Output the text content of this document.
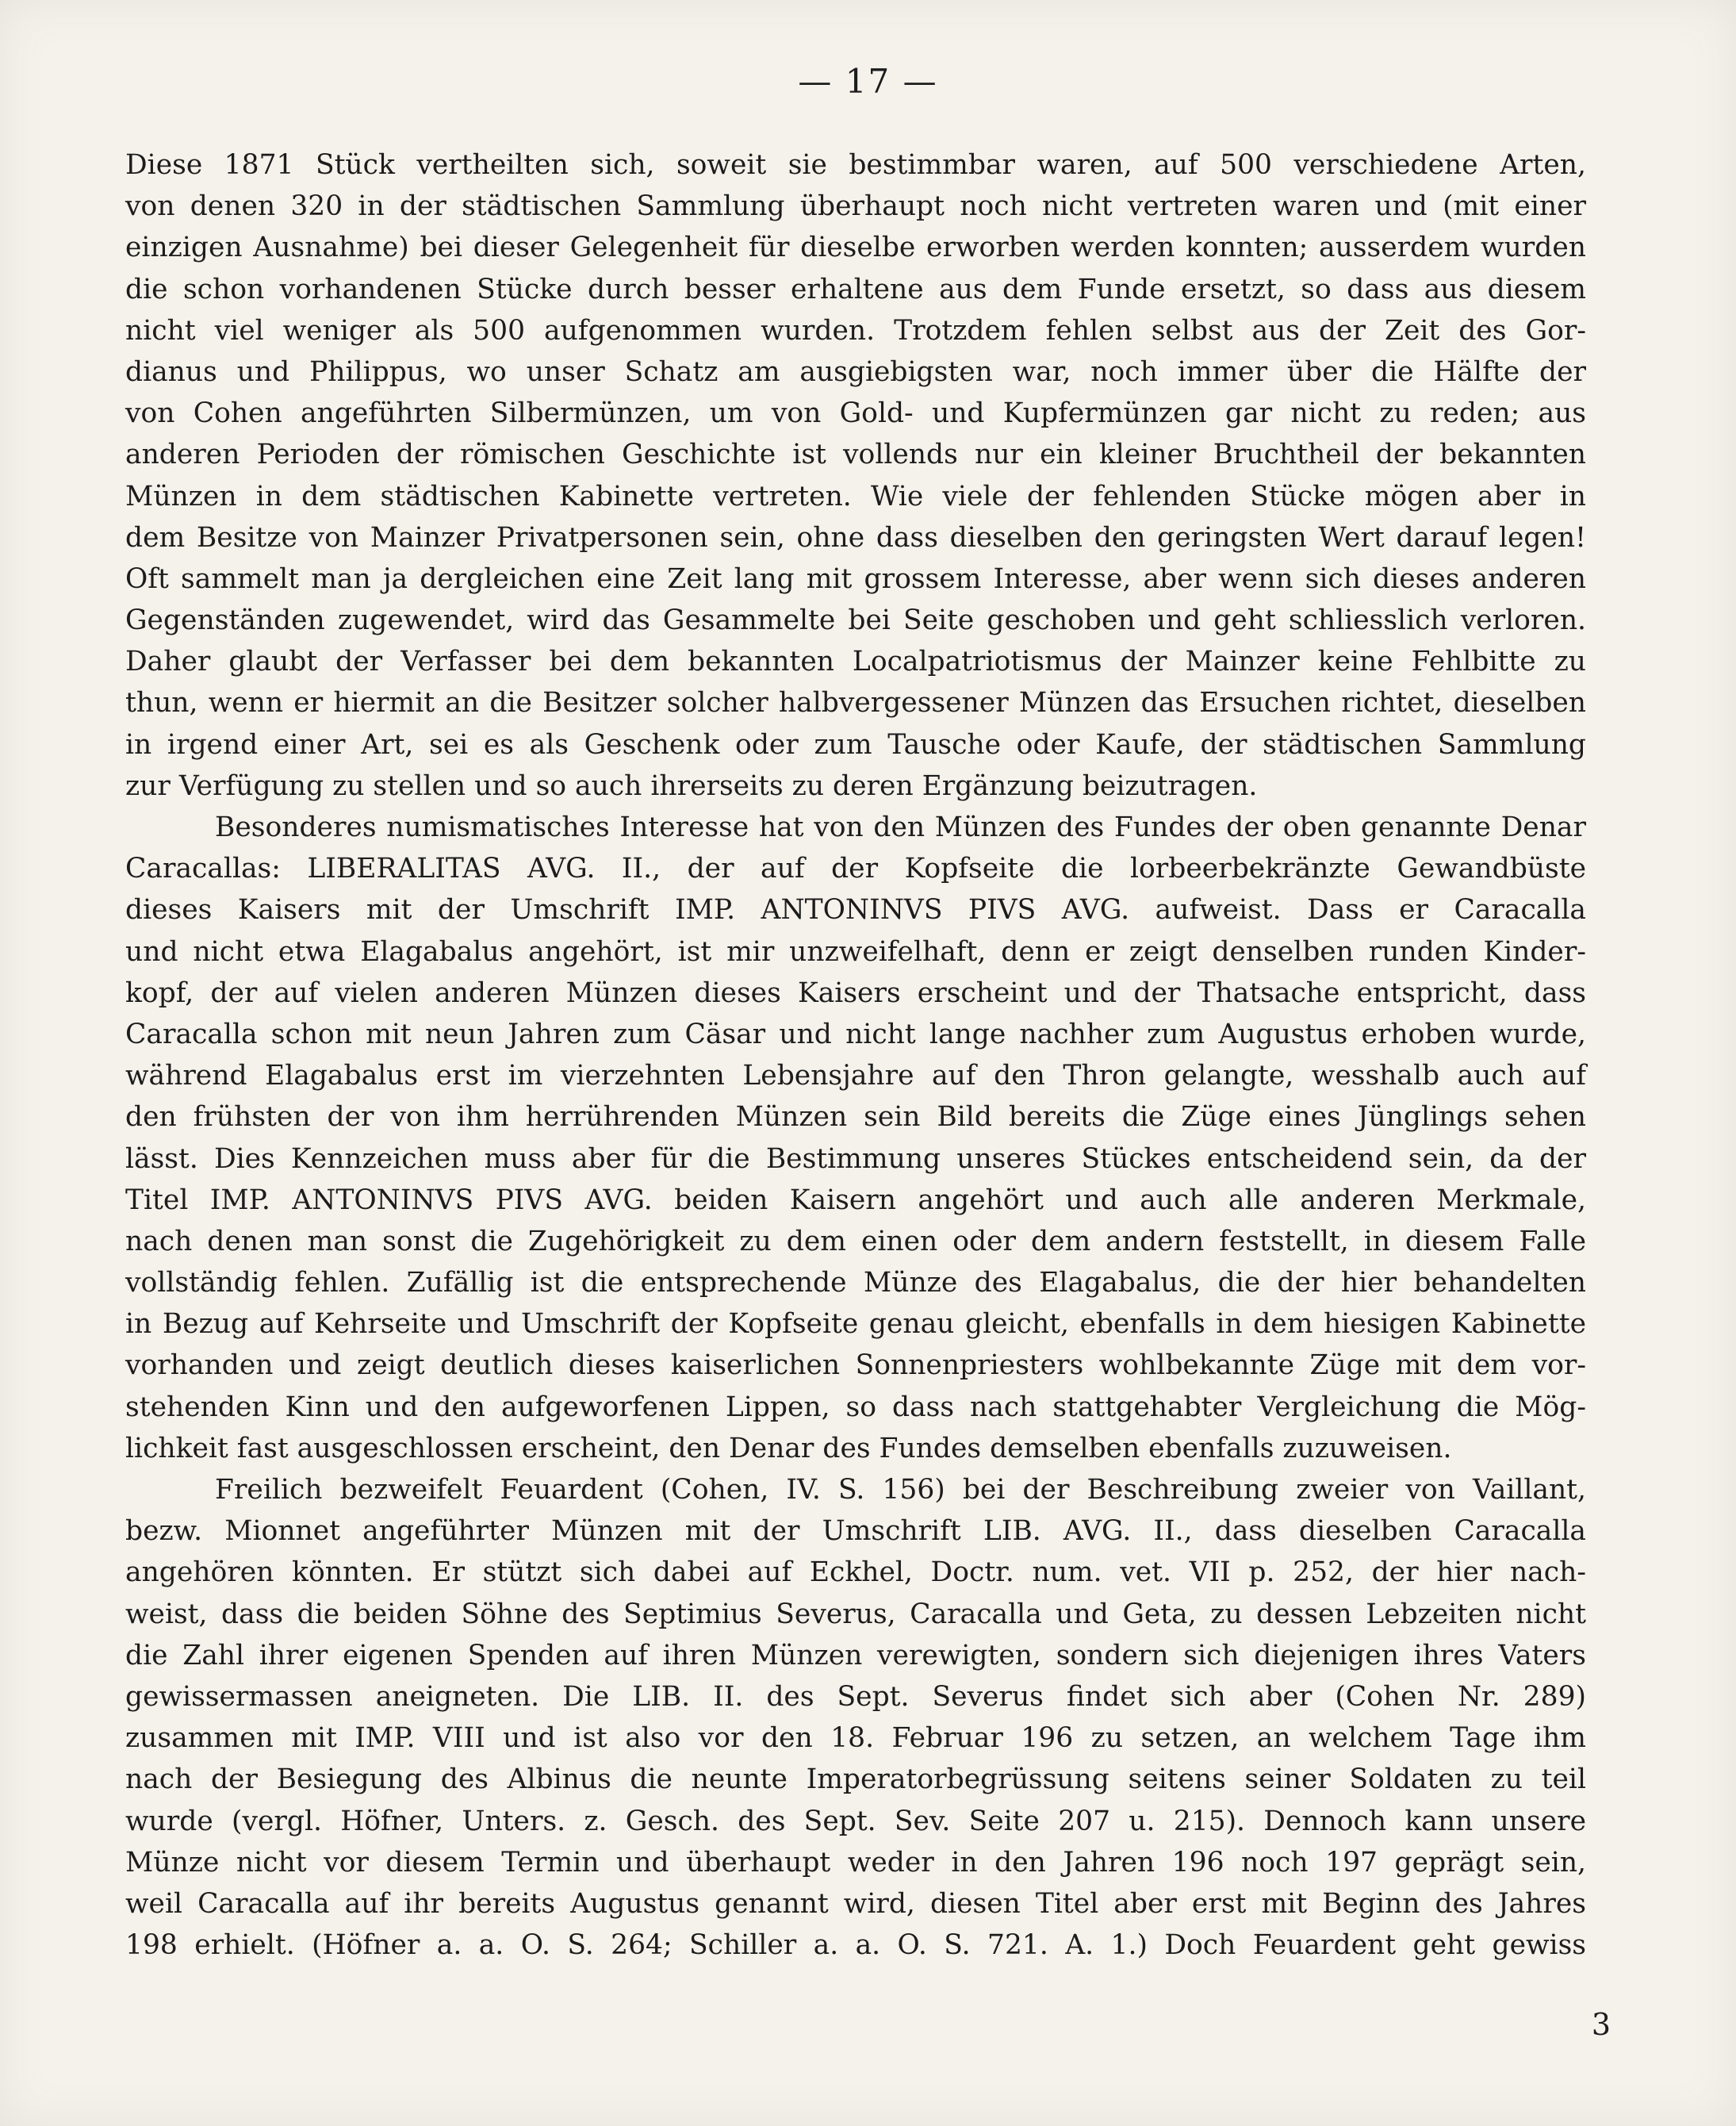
— 17 —

Diese 1871 Stück vertheilten sich, soweit sie bestimmbar waren, auf 500 verschiedene Arten,
von denen 320 in der städtischen Sammlung überhaupt noch nicht vertreten waren und (mit einer
einzigen Ausnahme) bei dieser Gelegenheit für dieselbe erworben werden konnten; ausserdem wurden
die schon vorhandenen Stücke durch besser erhaltene aus dem Funde ersetzt, so dass aus diesem
nicht viel weniger als 500 aufgenommen wurden. Trotzdem fehlen selbst aus der Zeit des Gor-
dianus und Philippus, wo unser Schatz am ausgiebigsten war, noch immer über die Hälfte der
von Cohen angeführten Silbermünzen, um von Gold- und Kupfermünzen gar nicht zu reden; aus
anderen Perioden der römischen Geschichte ist vollends nur ein kleiner Bruchtheil der bekannten
Münzen in dem städtischen Kabinette vertreten. Wie viele der fehlenden Stücke mögen aber in
dem Besitze von Mainzer Privatpersonen sein, ohne dass dieselben den geringsten Wert darauf legen!
Oft sammelt man ja dergleichen eine Zeit lang mit grossem Interesse, aber wenn sich dieses anderen
Gegenständen zugewendet, wird das Gesammelte bei Seite geschoben und geht schliesslich verloren.
Daher glaubt der Verfasser bei dem bekannten Localpatriotismus der Mainzer keine Fehlbitte zu
thun, wenn er hiermit an die Besitzer solcher halbvergessener Münzen das Ersuchen richtet, dieselben
in irgend einer Art, sei es als Geschenk oder zum Tausche oder Kaufe, der städtischen Sammlung
zur Verfügung zu stellen und so auch ihrerseits zu deren Ergänzung beizutragen.

Besonderes numismatisches Interesse hat von den Münzen des Fundes der oben genannte Denar
Caracallas: LIBERALITAS AVG. II., der auf der Kopfseite die lorbeerbekränzte Gewandbüste
dieses Kaisers mit der Umschrift IMP. ANTONINVS PIVS AVG. aufweist. Dass er Caracalla
und nicht etwa Elagabalus angehört, ist mir unzweifelhaft, denn er zeigt denselben runden Kinder-
kopf, der auf vielen anderen Münzen dieses Kaisers erscheint und der Thatsache entspricht, dass
Caracalla schon mit neun Jahren zum Cäsar und nicht lange nachher zum Augustus erhoben wurde,
während Elagabalus erst im vierzehnten Lebensjahre auf den Thron gelangte, wesshalb auch auf
den frühsten der von ihm herrührenden Münzen sein Bild bereits die Züge eines Jünglings sehen
lässt. Dies Kennzeichen muss aber für die Bestimmung unseres Stückes entscheidend sein, da der
Titel IMP. ANTONINVS PIVS AVG. beiden Kaisern angehört und auch alle anderen Merkmale,
nach denen man sonst die Zugehörigkeit zu dem einen oder dem andern feststellt, in diesem Falle
vollständig fehlen. Zufällig ist die entsprechende Münze des Elagabalus, die der hier behandelten
in Bezug auf Kehrseite und Umschrift der Kopfseite genau gleicht, ebenfalls in dem hiesigen Kabinette
vorhanden und zeigt deutlich dieses kaiserlichen Sonnenpriesters wohlbekannte Züge mit dem vor-
stehenden Kinn und den aufgeworfenen Lippen, so dass nach stattgehabter Vergleichung die Mög-
lichkeit fast ausgeschlossen erscheint, den Denar des Fundes demselben ebenfalls zuzuweisen.

Freilich bezweifelt Feuardent (Cohen, IV. S. 156) bei der Beschreibung zweier von Vaillant,
bezw. Mionnet angeführter Münzen mit der Umschrift LIB. AVG. II., dass dieselben Caracalla
angehören könnten. Er stützt sich dabei auf Eckhel, Doctr. num. vet. VII p. 252, der hier nach-
weist, dass die beiden Söhne des Septimius Severus, Caracalla und Geta, zu dessen Lebzeiten nicht
die Zahl ihrer eigenen Spenden auf ihren Münzen verewigten, sondern sich diejenigen ihres Vaters
gewissermassen aneigneten. Die LIB. II. des Sept. Severus findet sich aber (Cohen Nr. 289)
zusammen mit IMP. VIII und ist also vor den 18. Februar 196 zu setzen, an welchem Tage ihm
nach der Besiegung des Albinus die neunte Imperatorbegrüssung seitens seiner Soldaten zu teil
wurde (vergl. Höfner, Unters. z. Gesch. des Sept. Sev. Seite 207 u. 215). Dennoch kann unsere
Münze nicht vor diesem Termin und überhaupt weder in den Jahren 196 noch 197 geprägt sein,
weil Caracalla auf ihr bereits Augustus genannt wird, diesen Titel aber erst mit Beginn des Jahres
198 erhielt. (Höfner a. a. O. S. 264; Schiller a. a. O. S. 721. A. 1.) Doch Feuardent geht gewiss

3
